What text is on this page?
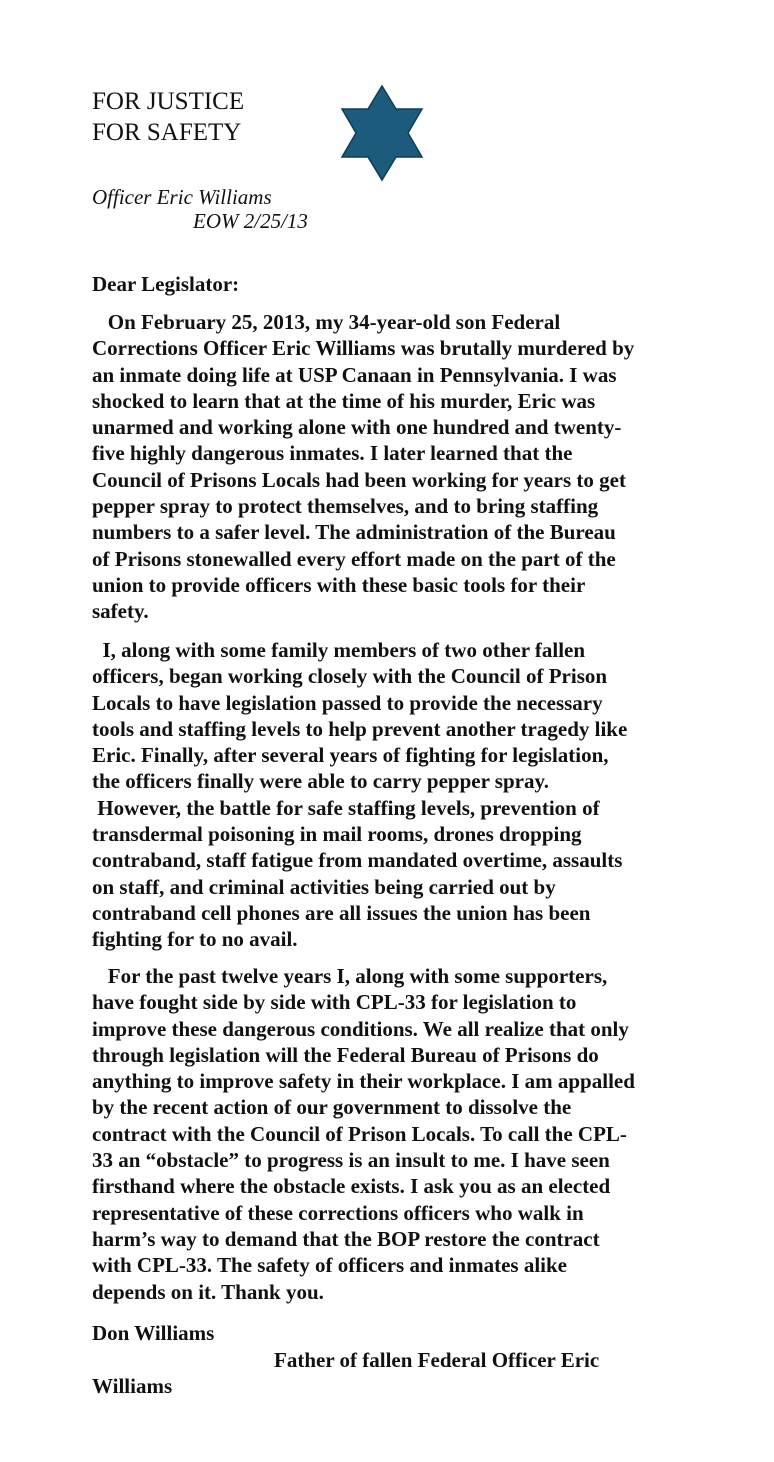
FOR JUSTICE
FOR SAFETY
Officer Eric Williams
EOW 2/25/13
Dear Legislator:
On February 25, 2013, my 34-year-old son Federal
Corrections Officer Eric Williams was brutally murdered by
an inmate doing life at USP Canaan in Pennsylvania. I was
shocked to learn that at the time of his murder, Eric was
unarmed and working alone with one hundred and twenty-
five highly dangerous inmates. I later learned that the
Council of Prisons Locals had been working for years to get
pepper spray to protect themselves, and to bring staffing
numbers to a safer level. The administration of the Bureau
of Prisons stonewalled every effort made on the part of the
union to provide officers with these basic tools for their
safety.
I, along with some family members of two other fallen
officers, began working closely with the Council of Prison
Locals to have legislation passed to provide the necessary
tools and staffing levels to help prevent another tragedy like
Eric. Finally, after several years of fighting for legislation,
the officers finally were able to carry pepper spray.
However, the battle for safe staffing levels, prevention of
transdermal poisoning in mail rooms, drones dropping
contraband, staff fatigue from mandated overtime, assaults
on staff, and criminal activities being carried out by
contraband cell phones are all issues the union has been
fighting for to no avail.
For the past twelve years I, along with some supporters,
have fought side by side with CPL-33 for legislation to
improve these dangerous conditions. We all realize that only
through legislation will the Federal Bureau of Prisons do
anything to improve safety in their workplace. I am appalled
by the recent action of our government to dissolve the
contract with the Council of Prison Locals. To call the CPL-
33 an “obstacle” to progress is an insult to me. I have seen
firsthand where the obstacle exists. I ask you as an elected
representative of these corrections officers who walk in
harm’s way to demand that the BOP restore the contract
with CPL-33. The safety of officers and inmates alike
depends on it. Thank you.
Don Williams
Father of fallen Federal Officer Eric
Williams
